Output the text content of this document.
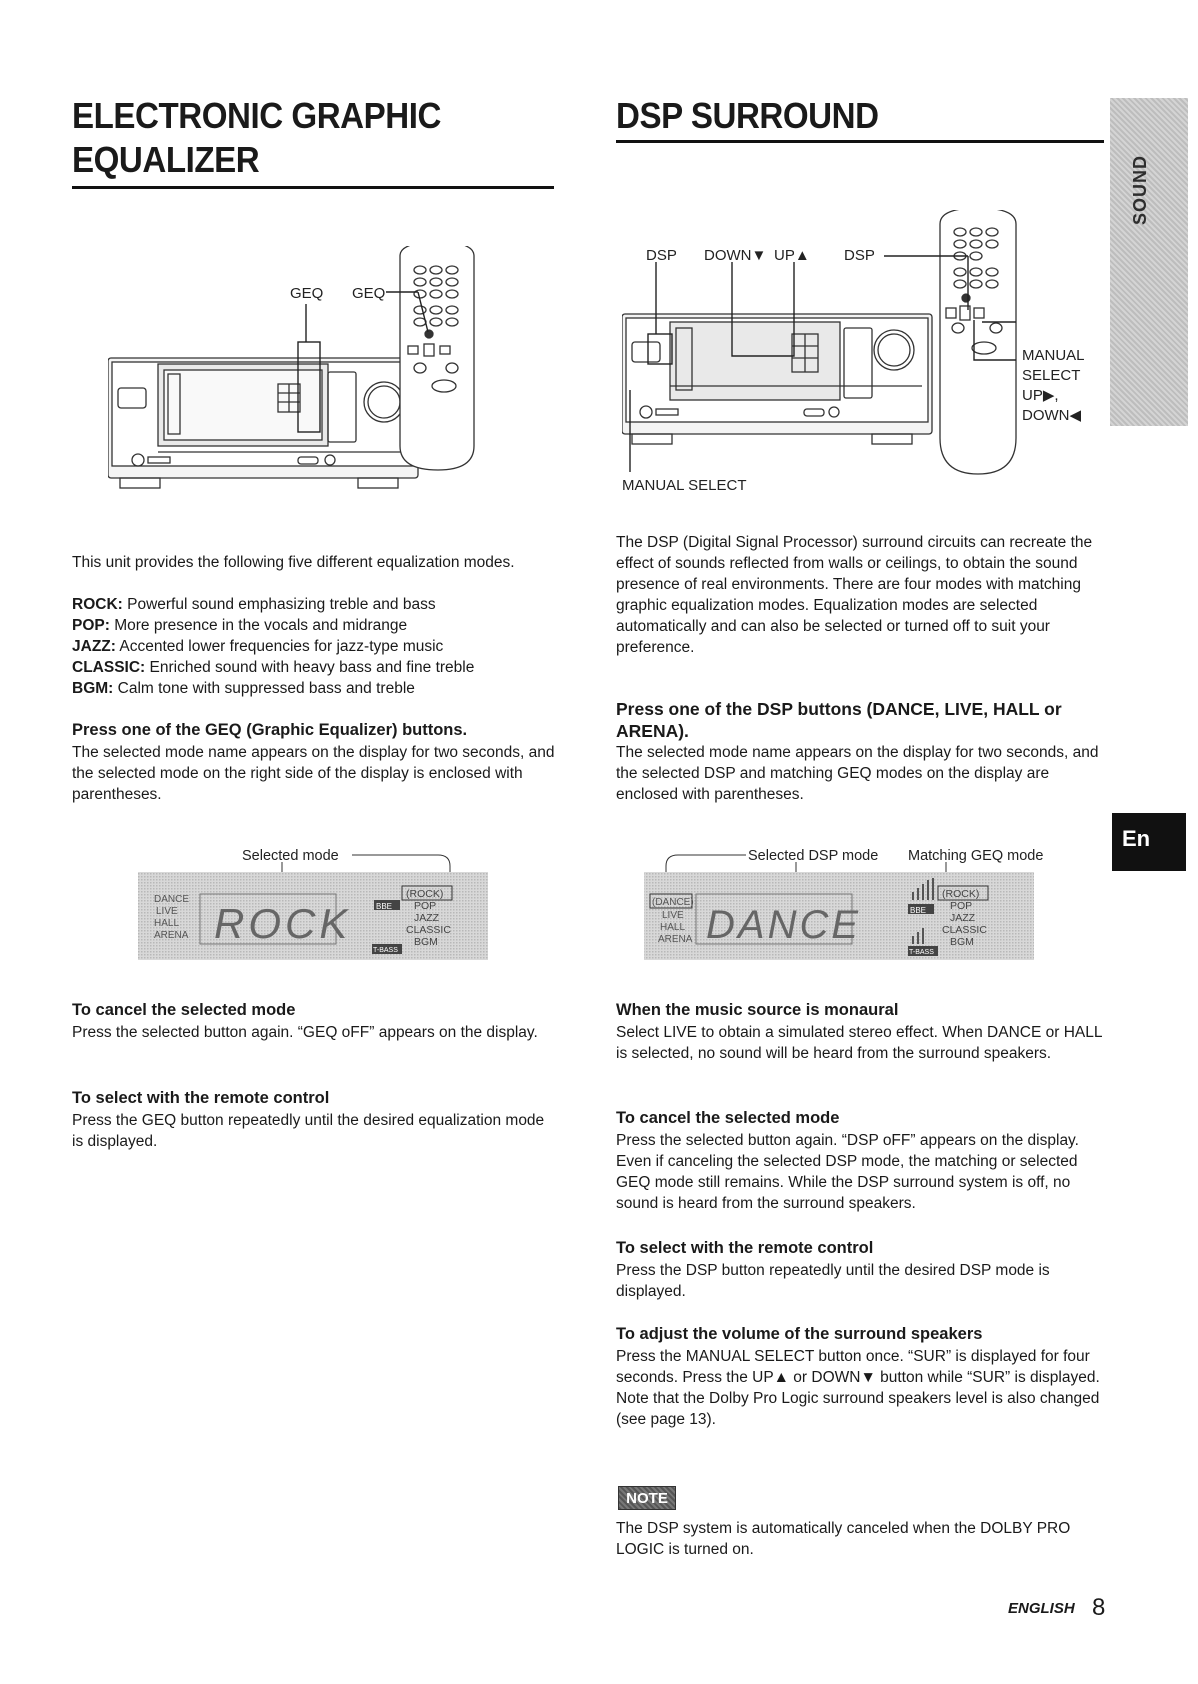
ELECTRONIC GRAPHIC
EQUALIZER
DSP SURROUND
SOUND
En
GEQ GEQ
DSP DOWN▼ UP▲ DSP
MANUAL
SELECT
UP▶,
DOWN◀
MANUAL SELECT
This unit provides the following five different equalization modes.
ROCK: Powerful sound emphasizing treble and bass
POP: More presence in the vocals and midrange
JAZZ: Accented lower frequencies for jazz-type music
CLASSIC: Enriched sound with heavy bass and fine treble
BGM: Calm tone with suppressed bass and treble
Press one of the GEQ (Graphic Equalizer) buttons.
The selected mode name appears on the display for two seconds, and the selected mode on the right side of the display is enclosed with parentheses.
Selected mode
DANCE
LIVE
HALL
ARENA ROCK	BBE
T-BASS
(ROCK)
POP
JAZZ
CLASSIC
BGM
To cancel the selected mode
Press the selected button again. “GEQ oFF” appears on the display.
To select with the remote control
Press the GEQ button repeatedly until the desired equalization mode is displayed.
The DSP (Digital Signal Processor) surround circuits can recreate the effect of sounds reflected from walls or ceilings, to obtain the sound presence of real environments. There are four modes with matching graphic equalization modes. Equalization modes are selected automatically and can also be selected or turned off to suit your preference.
Press one of the DSP buttons (DANCE, LIVE, HALL or ARENA).
The selected mode name appears on the display for two seconds, and the selected DSP and matching GEQ modes on the display are enclosed with parentheses.
Selected DSP mode Matching GEQ mode
(DANCE)
LIVE
HALL
ARENA DANCE	BBE
T-BASS
(ROCK)
POP
JAZZ
CLASSIC
BGM
When the music source is monaural
Select LIVE to obtain a simulated stereo effect. When DANCE or HALL is selected, no sound will be heard from the surround speakers.
To cancel the selected mode
Press the selected button again. “DSP oFF” appears on the display. Even if canceling the selected DSP mode, the matching or selected GEQ mode still remains. While the DSP surround system is off, no sound is heard from the surround speakers.
To select with the remote control
Press the DSP button repeatedly until the desired DSP mode is displayed.
To adjust the volume of the surround speakers

Press the MANUAL SELECT button once. “SUR” is displayed for four seconds. Press the UP▲ or DOWN▼ button while “SUR” is displayed.

Note that the Dolby Pro Logic surround speakers level is also changed (see page 13).

NOTE
The DSP system is automatically canceled when the DOLBY PRO LOGIC is turned on.
ENGLISH 8
